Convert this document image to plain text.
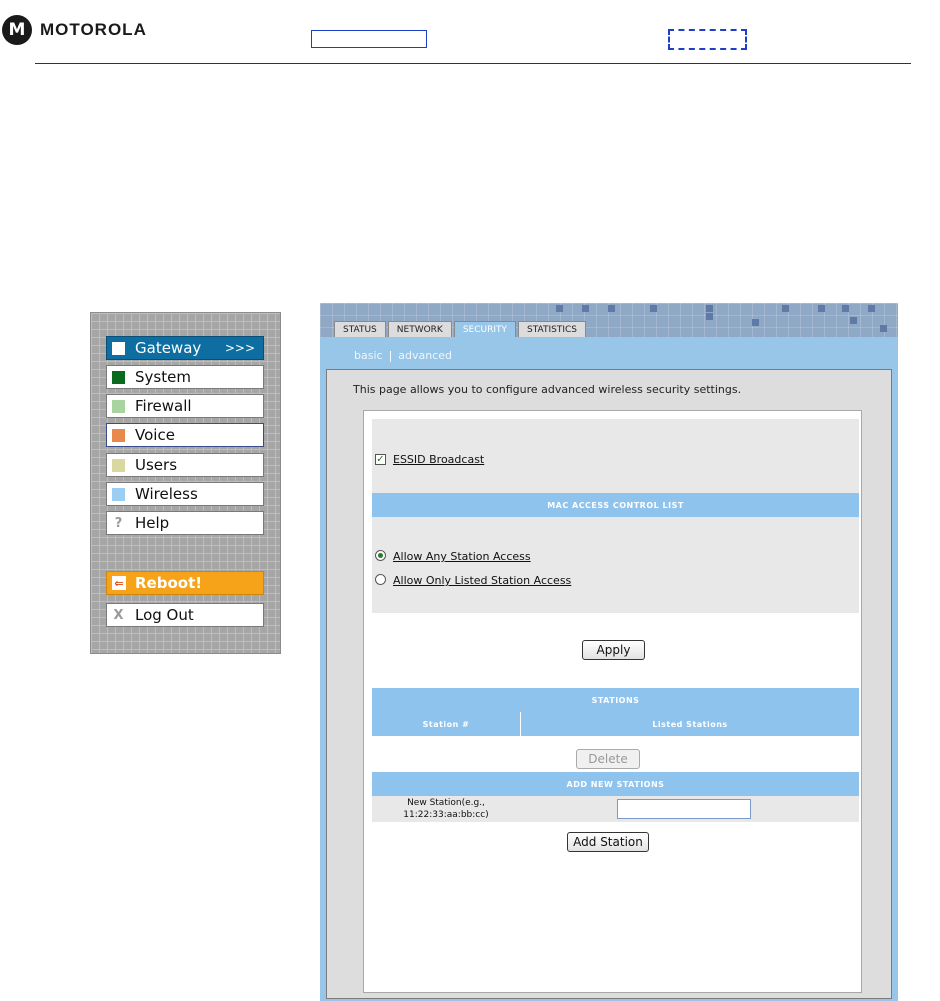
M MOTOROLA
Gateway >>>
System
Firewall
Voice
Users
Wireless
? Help
⇐ Reboot!
X Log Out
STATUS	NETWORK	SECURITY	STATISTICS
basic | advanced
This page allows you to configure advanced wireless security settings.
✓ ESSID Broadcast
MAC ACCESS CONTROL LIST
Allow Any Station Access
Allow Only Listed Station Access
Apply
STATIONS
Station #	Listed Stations
Delete
ADD NEW STATIONS
New Station(e.g.,
11:22:33:aa:bb:cc)
Add Station
